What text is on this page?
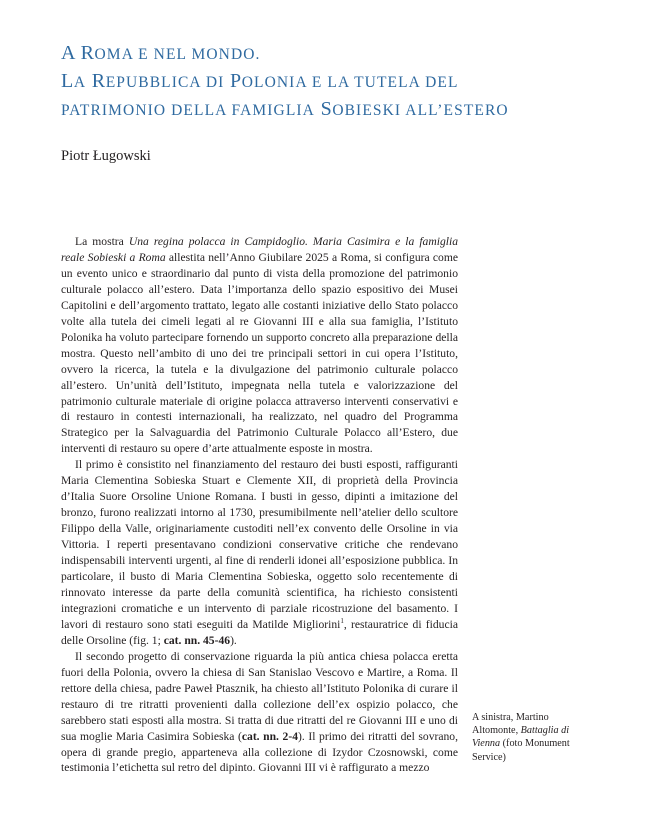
A ROMA E NEL MONDO.
LA REPUBBLICA DI POLONIA E LA TUTELA DEL
PATRIMONIO DELLA FAMIGLIA SOBIESKI ALL’ESTERO
Piotr Ługowski

La mostra Una regina polacca in Campidoglio. Maria Casimira e la famiglia reale Sobieski a Roma allestita nell’Anno Giubilare 2025 a Roma, si configura come un evento unico e straordinario dal punto di vista della promozione del patrimonio culturale polacco all’estero. Data l’importanza dello spazio espositivo dei Musei Capitolini e dell’argomento trattato, legato alle costanti iniziative dello Stato polacco volte alla tutela dei cimeli legati al re Giovanni III e alla sua famiglia, l’Istituto Polonika ha voluto partecipare fornendo un supporto concreto alla preparazione della mostra. Questo nell’ambito di uno dei tre principali settori in cui opera l’Istituto, ovvero la ricerca, la tutela e la divulgazione del patrimonio culturale polacco all’estero. Un’unità dell’Istituto, impegnata nella tutela e valorizzazione del patrimonio culturale materiale di origine polacca attraverso interventi conservativi e di restauro in contesti internazionali, ha realizzato, nel quadro del Programma Strategico per la Salvaguardia del Patrimonio Culturale Polacco all’Estero, due interventi di restauro su opere d’arte attualmente esposte in mostra.

Il primo è consistito nel finanziamento del restauro dei busti esposti, raffiguranti Maria Clementina Sobieska Stuart e Clemente XII, di proprietà della Provincia d’Italia Suore Orsoline Unione Romana. I busti in gesso, dipinti a imitazione del bronzo, furono realizzati intorno al 1730, presumibilmente nell’atelier dello scultore Filippo della Valle, originariamente custoditi nell’ex convento delle Orsoline in via Vittoria. I reperti presentavano condizioni conservative critiche che rendevano indispensabili interventi urgenti, al fine di renderli idonei all’esposizione pubblica. In particolare, il busto di Maria Clementina Sobieska, oggetto solo recentemente di rinnovato interesse da parte della comunità scientifica, ha richiesto consistenti integrazioni cromatiche e un intervento di parziale ricostruzione del basamento. I lavori di restauro sono stati eseguiti da Matilde Migliorini$^1$, restauratrice di fiducia delle Orsoline (fig. 1; cat. nn. 45-46).

Il secondo progetto di conservazione riguarda la più antica chiesa polacca eretta fuori della Polonia, ovvero la chiesa di San Stanislao Vescovo e Martire, a Roma. Il rettore della chiesa, padre Paweł Ptasznik, ha chiesto all’Istituto Polonika di curare il restauro di tre ritratti provenienti dalla collezione dell’ex ospizio polacco, che sarebbero stati esposti alla mostra. Si tratta di due ritratti del re Giovanni III e uno di sua moglie Maria Casimira Sobieska (cat. nn. 2-4). Il primo dei ritratti del sovrano, opera di grande pregio, apparteneva alla collezione di Izydor Czosnowski, come testimonia l’etichetta sul retro del dipinto. Giovanni III vi è raffigurato a mezzo

A sinistra, Martino Altomonte, Battaglia di Vienna (foto Monument Service)
